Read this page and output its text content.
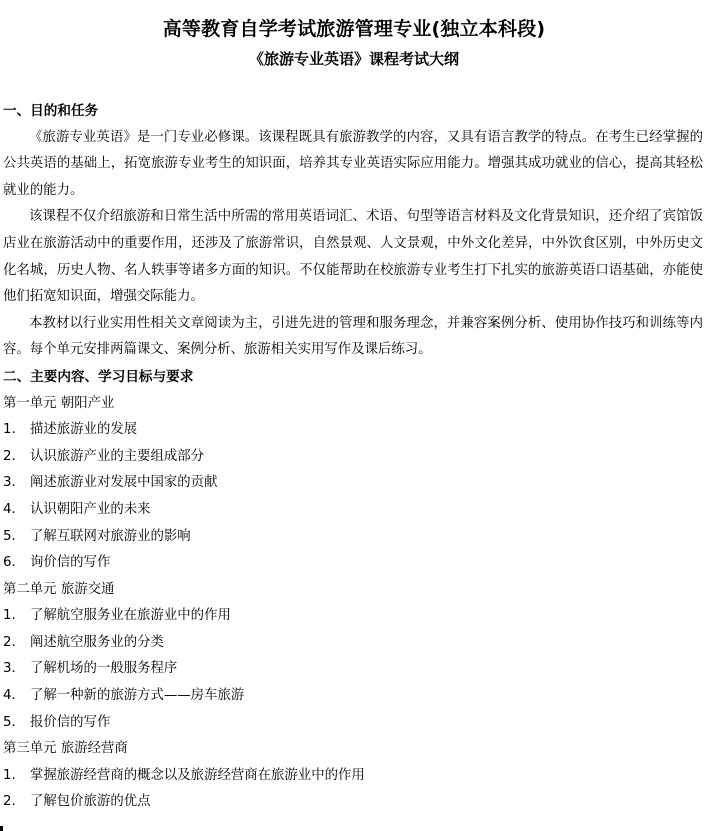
高等教育自学考试旅游管理专业(独立本科段)
《旅游专业英语》课程考试大纲

一、目的和任务

《旅游专业英语》是一门专业必修课。该课程既具有旅游教学的内容，又具有语言教学的特点。在考生已经掌握的公共英语的基础上，拓宽旅游专业考生的知识面，培养其专业英语实际应用能力。增强其成功就业的信心，提高其轻松就业的能力。

该课程不仅介绍旅游和日常生活中所需的常用英语词汇、术语、句型等语言材料及文化背景知识，还介绍了宾馆饭店业在旅游活动中的重要作用，还涉及了旅游常识，自然景观、人文景观，中外文化差异，中外饮食区别，中外历史文化名城，历史人物、名人轶事等诸多方面的知识。不仅能帮助在校旅游专业考生打下扎实的旅游英语口语基础，亦能使他们拓宽知识面，增强交际能力。

本教材以行业实用性相关文章阅读为主，引进先进的管理和服务理念，并兼容案例分析、使用协作技巧和训练等内容。每个单元安排两篇课文、案例分析、旅游相关实用写作及课后练习。

二、主要内容、学习目标与要求

第一单元 朝阳产业

1． 描述旅游业的发展
2． 认识旅游产业的主要组成部分
3． 阐述旅游业对发展中国家的贡献
4． 认识朝阳产业的未来
5． 了解互联网对旅游业的影响
6． 询价信的写作

第二单元 旅游交通

1． 了解航空服务业在旅游业中的作用
2． 阐述航空服务业的分类
3． 了解机场的一般服务程序
4． 了解一种新的旅游方式——房车旅游
5． 报价信的写作

第三单元 旅游经营商

1． 掌握旅游经营商的概念以及旅游经营商在旅游业中的作用
2． 了解包价旅游的优点
